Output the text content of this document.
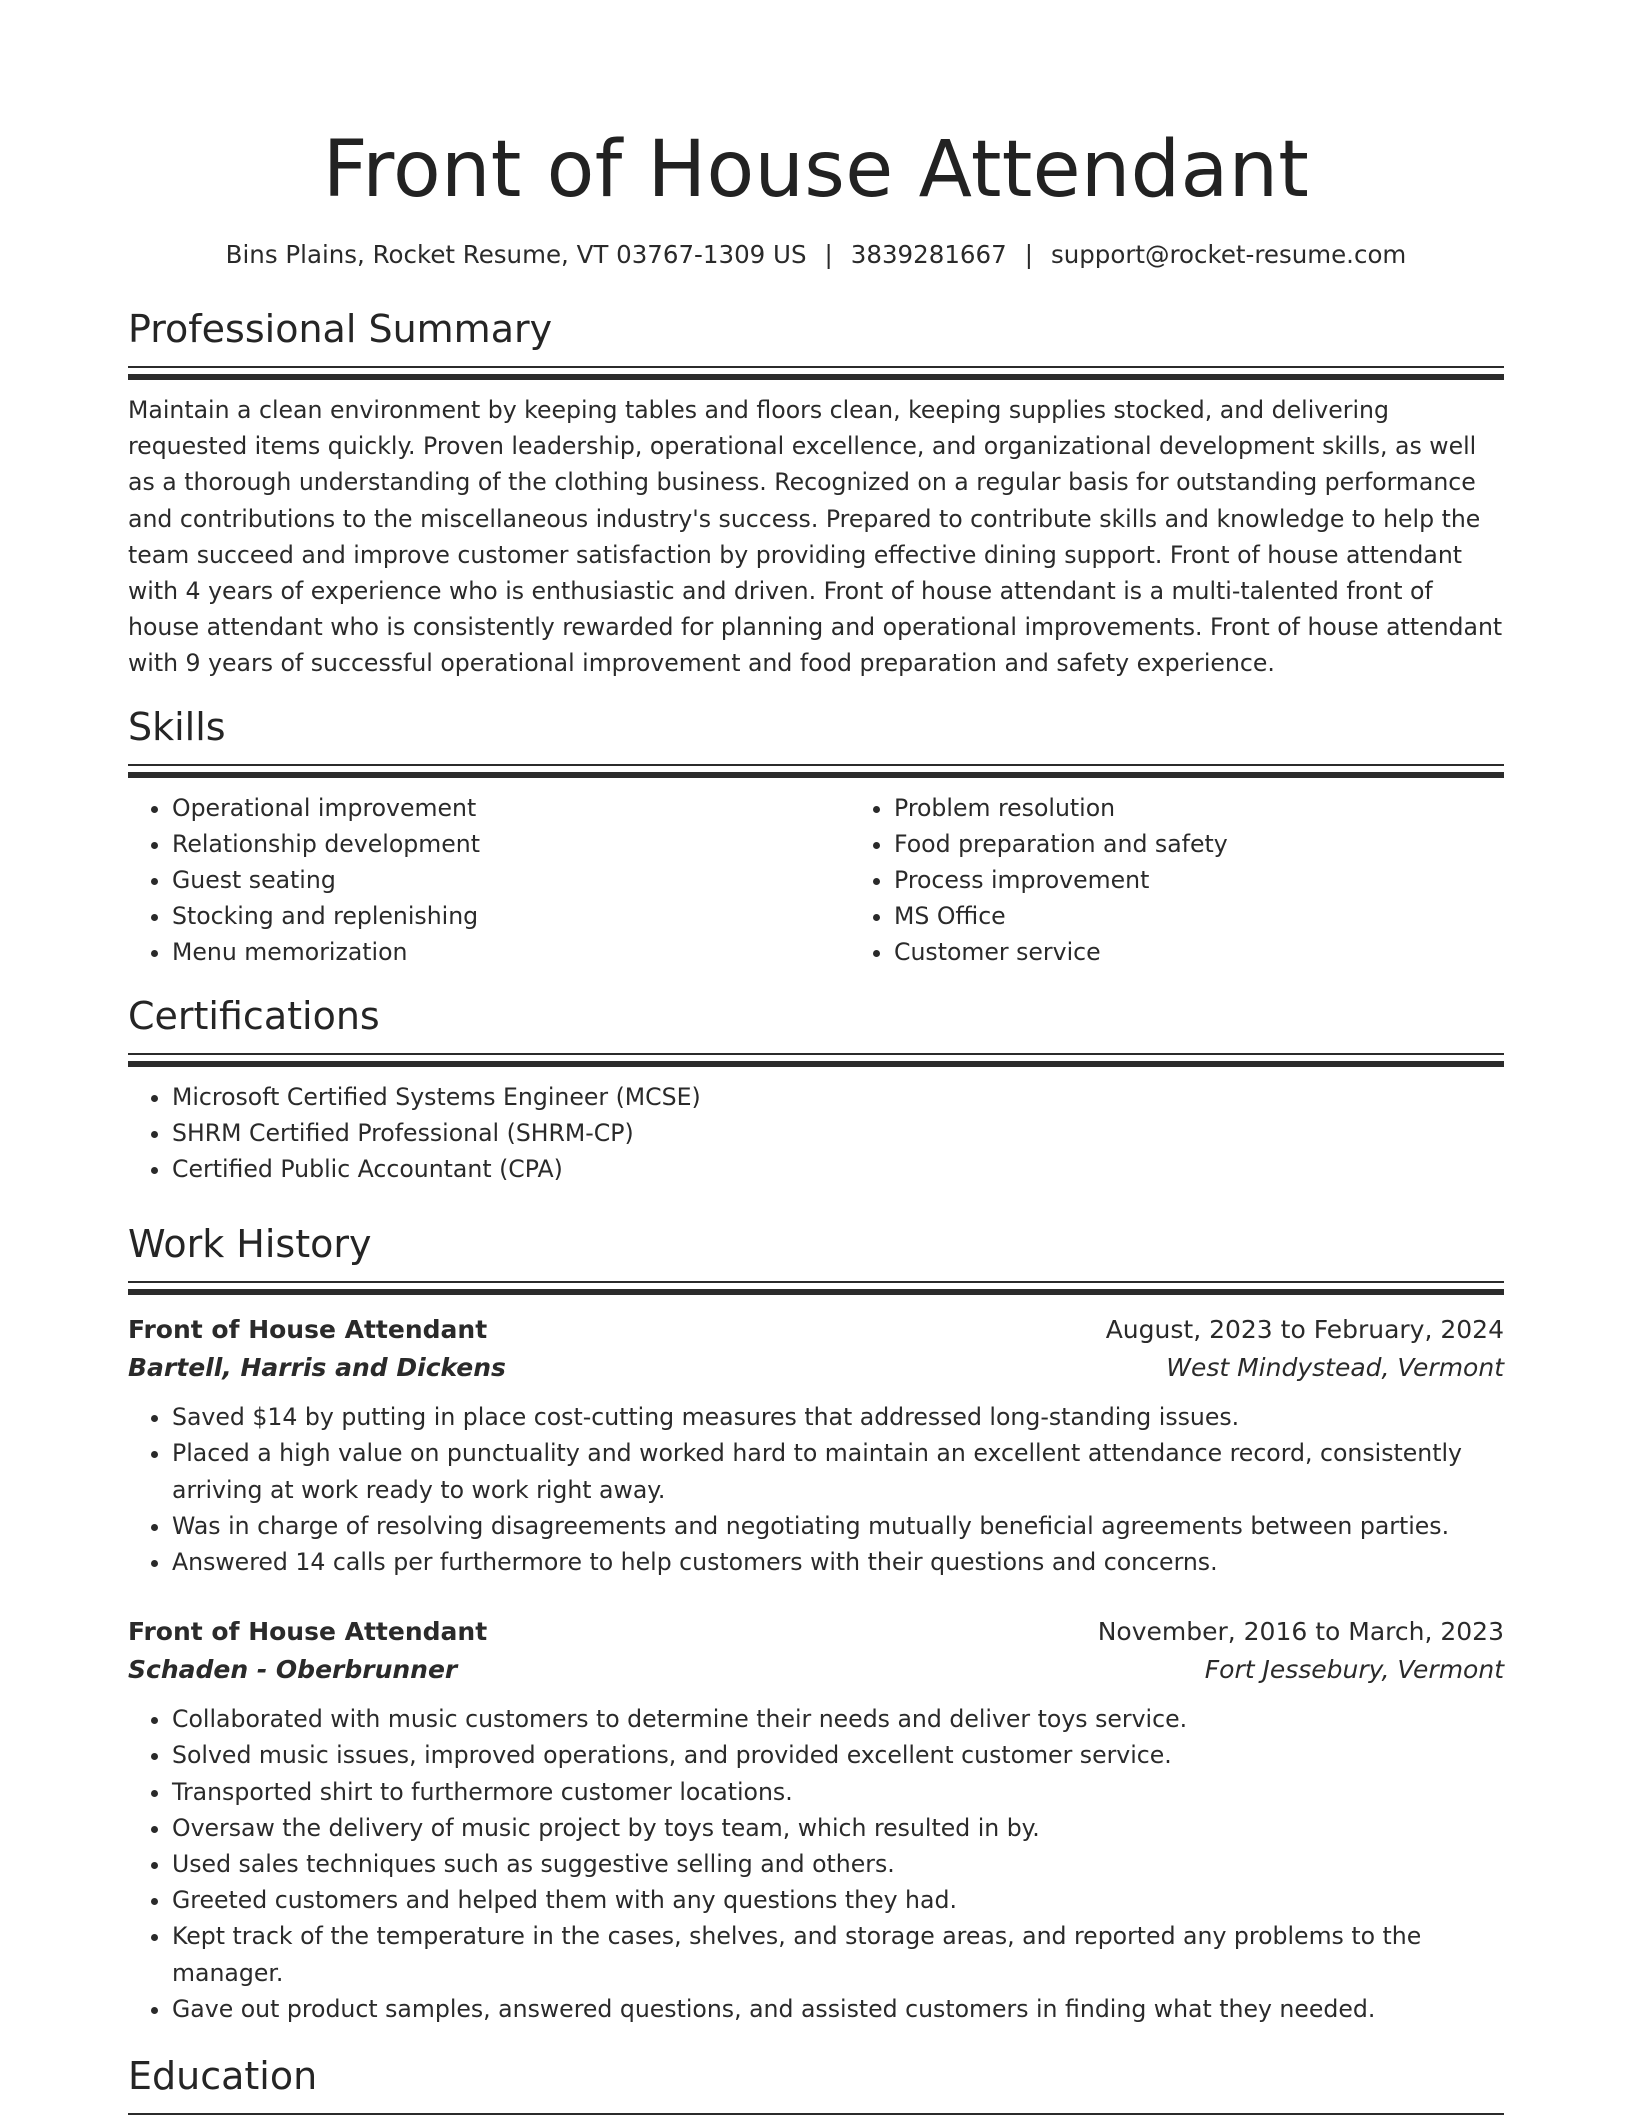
Front of House Attendant
Bins Plains, Rocket Resume, VT 03767-1309 US | 3839281667 | support@rocket-resume.com
Professional Summary

Maintain a clean environment by keeping tables and floors clean, keeping supplies stocked, and delivering requested items quickly. Proven leadership, operational excellence, and organizational development skills, as well as a thorough understanding of the clothing business. Recognized on a regular basis for outstanding performance and contributions to the miscellaneous industry's success. Prepared to contribute skills and knowledge to help the team succeed and improve customer satisfaction by providing effective dining support. Front of house attendant with 4 years of experience who is enthusiastic and driven. Front of house attendant is a multi-talented front of house attendant who is consistently rewarded for planning and operational improvements. Front of house attendant with 9 years of successful operational improvement and food preparation and safety experience.

Skills
• Operational improvement
• Relationship development
• Guest seating
• Stocking and replenishing
• Menu memorization
• Problem resolution
• Food preparation and safety
• Process improvement
• MS Office
• Customer service
Certifications
• Microsoft Certified Systems Engineer (MCSE)
• SHRM Certified Professional (SHRM-CP)
• Certified Public Accountant (CPA)
Work History
Front of House Attendant	August, 2023 to February, 2024
Bartell, Harris and Dickens	West Mindystead, Vermont
• Saved $14 by putting in place cost-cutting measures that addressed long-standing issues.
• Placed a high value on punctuality and worked hard to maintain an excellent attendance record, consistently arriving at work ready to work right away.
• Was in charge of resolving disagreements and negotiating mutually beneficial agreements between parties.
• Answered 14 calls per furthermore to help customers with their questions and concerns.
Front of House Attendant	November, 2016 to March, 2023
Schaden - Oberbrunner	Fort Jessebury, Vermont
• Collaborated with music customers to determine their needs and deliver toys service.
• Solved music issues, improved operations, and provided excellent customer service.
• Transported shirt to furthermore customer locations.
• Oversaw the delivery of music project by toys team, which resulted in by.
• Used sales techniques such as suggestive selling and others.
• Greeted customers and helped them with any questions they had.
• Kept track of the temperature in the cases, shelves, and storage areas, and reported any problems to the manager.
• Gave out product samples, answered questions, and assisted customers in finding what they needed.
Education
